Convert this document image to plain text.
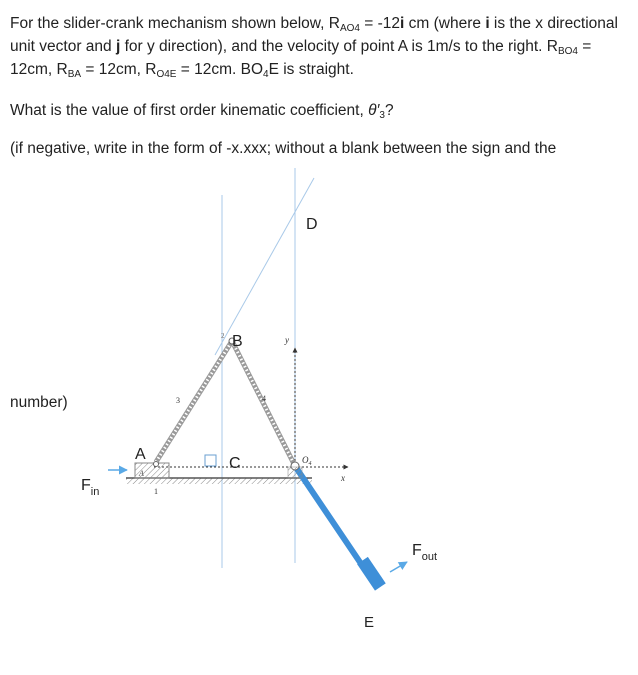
For the slider-crank mechanism shown below, $R_{AO4} = -12i$ cm (where i is the x directional unit vector and j for y direction), and the velocity of point A is 1m/s to the right. $R_{BO4} = 12cm$, $R_{BA} = 12cm$, $R_{O4E} = 12cm$. $BO_4E$ is straight.

What is the value of first order kinematic coefficient, $\theta'_3$?

(if negative, write in the form of -x.xxx; without a blank between the sign and the

number)

y
x
1
3	4
2
$O_4$
A
A
B
C
D
E
$F_{in}$
$F_{out}$
